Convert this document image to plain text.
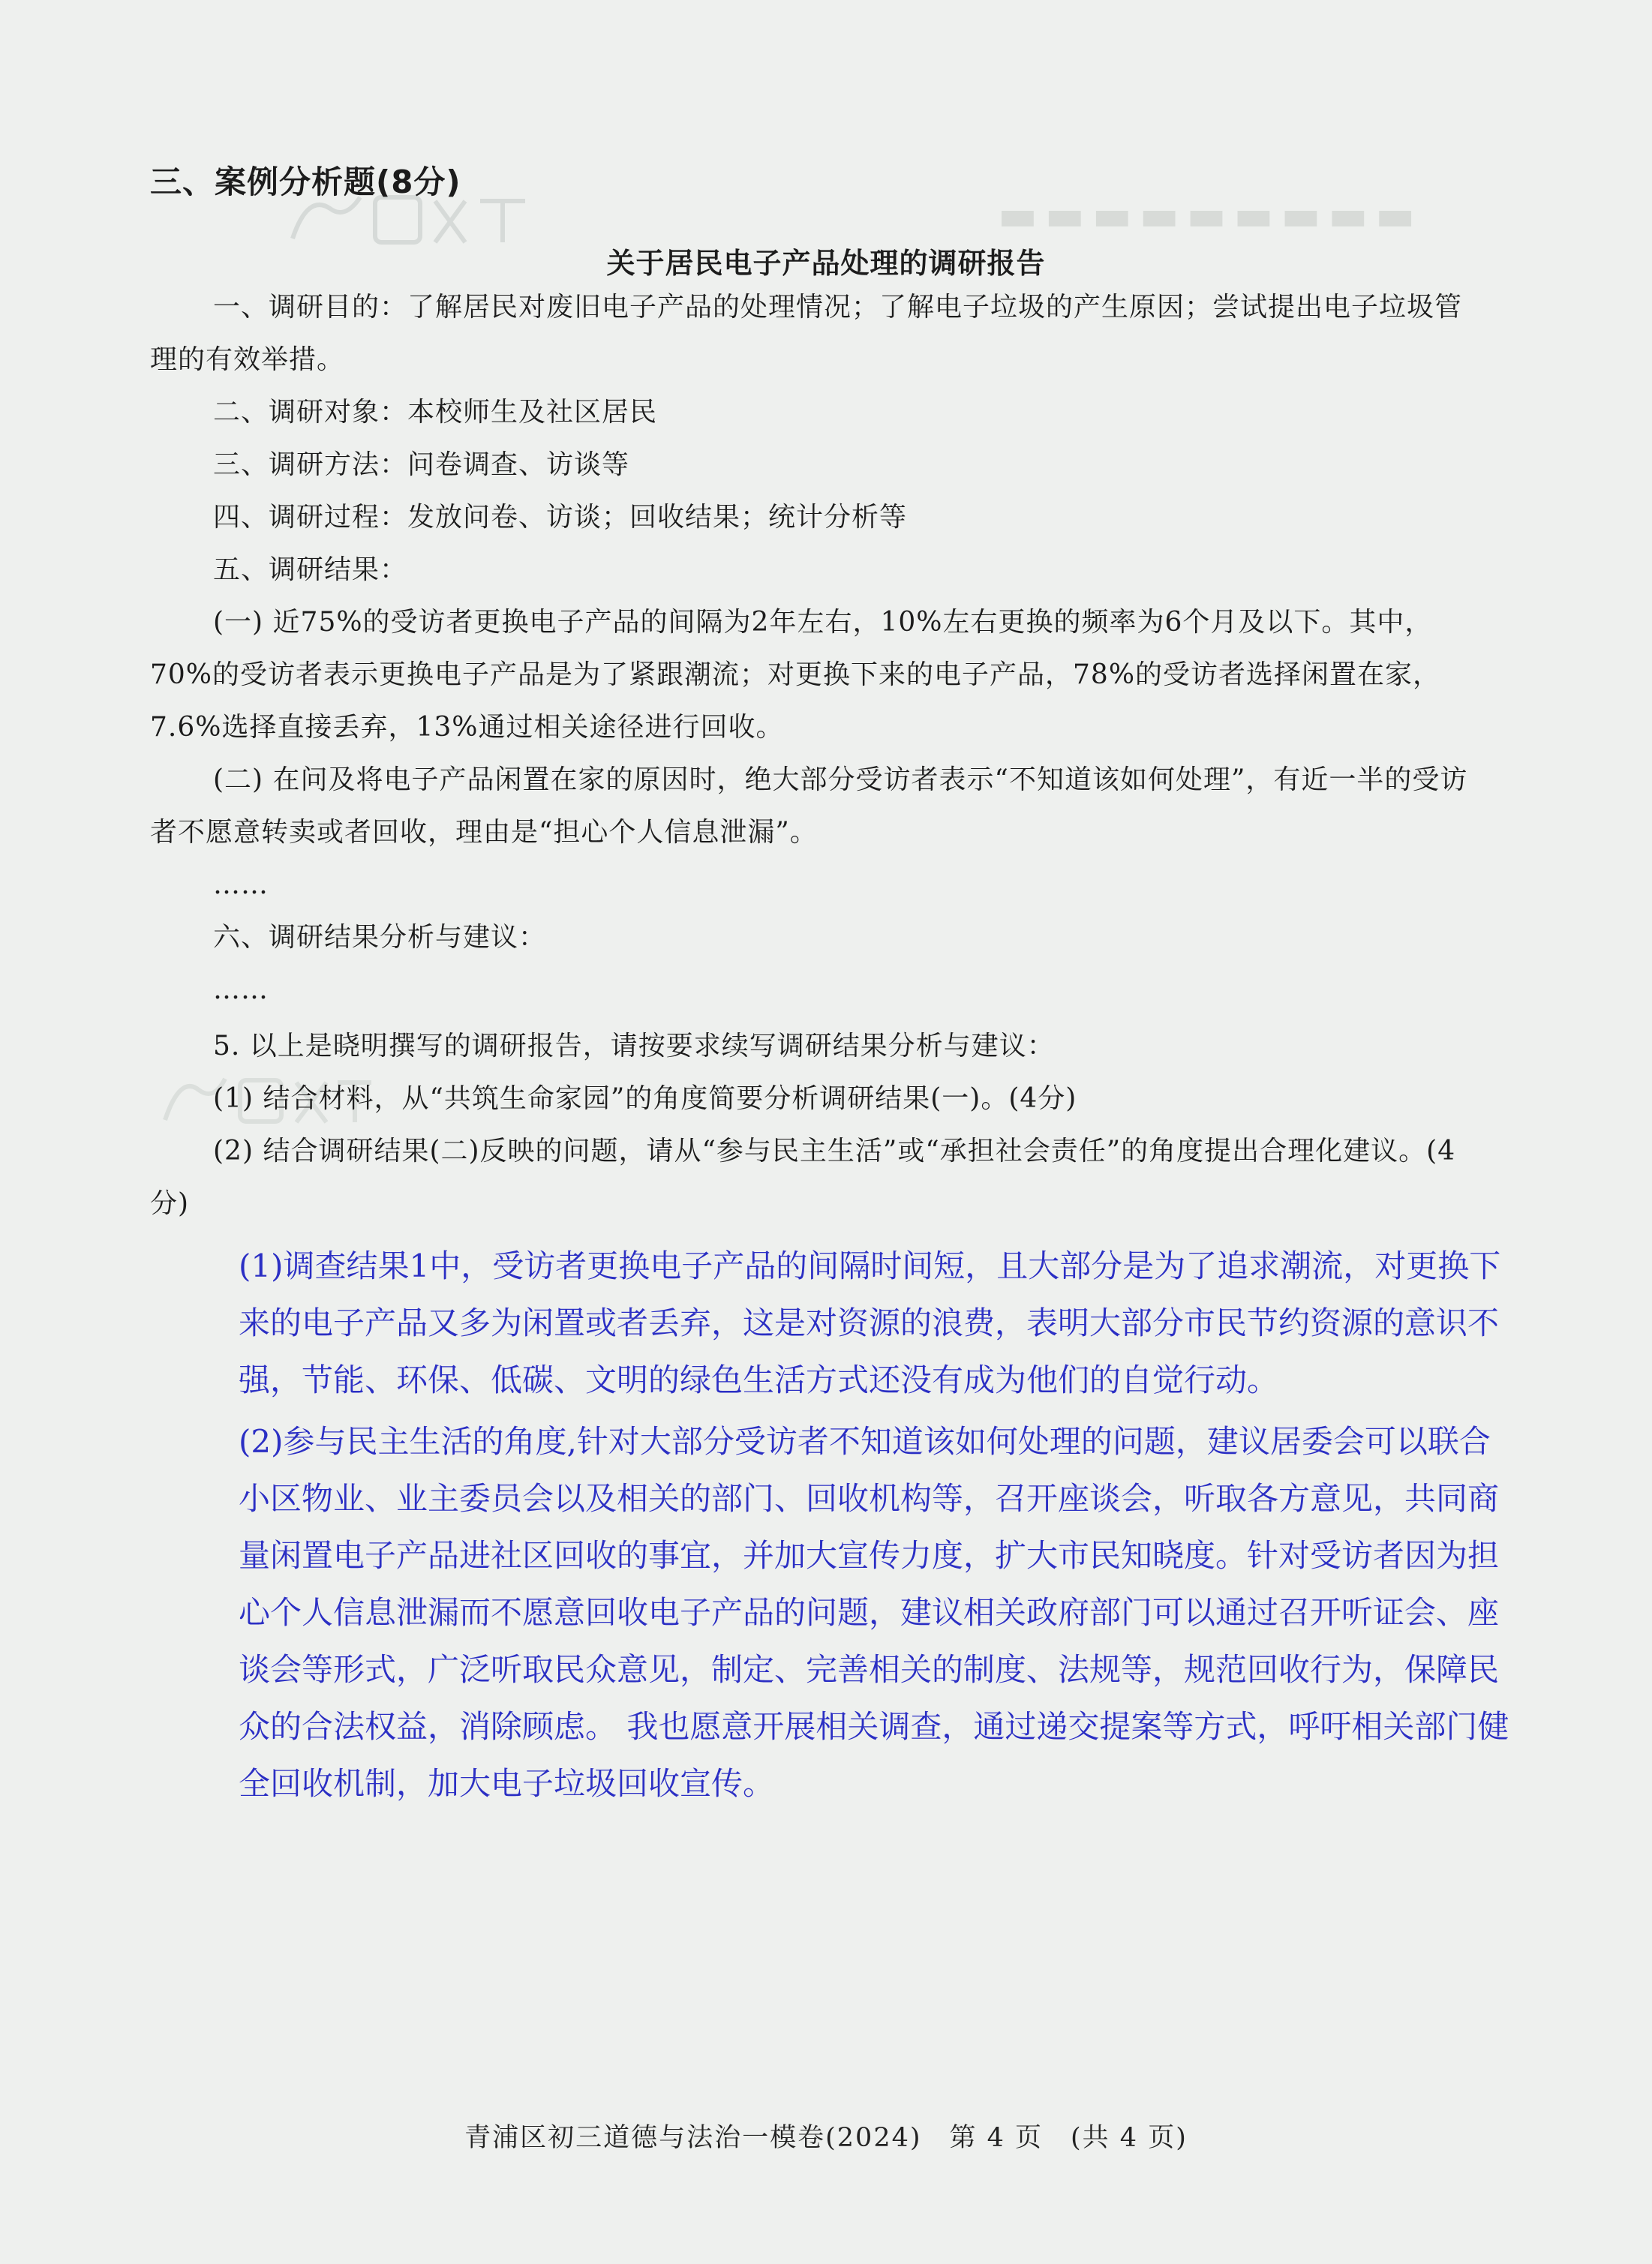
▬▬▬▬▬▬▬▬▬
三、案例分析题(8分)
关于居民电子产品处理的调研报告

一、调研目的：了解居民对废旧电子产品的处理情况；了解电子垃圾的产生原因；尝试提出电子垃圾管理的有效举措。

二、调研对象：本校师生及社区居民

三、调研方法：问卷调查、访谈等

四、调研过程：发放问卷、访谈；回收结果；统计分析等

五、调研结果：

(一) 近75%的受访者更换电子产品的间隔为2年左右，10%左右更换的频率为6个月及以下。其中，70%的受访者表示更换电子产品是为了紧跟潮流；对更换下来的电子产品，78%的受访者选择闲置在家，7.6%选择直接丢弃，13%通过相关途径进行回收。

(二) 在问及将电子产品闲置在家的原因时，绝大部分受访者表示“不知道该如何处理”，有近一半的受访者不愿意转卖或者回收，理由是“担心个人信息泄漏”。

……

六、调研结果分析与建议：

……

5. 以上是晓明撰写的调研报告，请按要求续写调研结果分析与建议：

(1) 结合材料，从“共筑生命家园”的角度简要分析调研结果(一)。(4分)

(2) 结合调研结果(二)反映的问题，请从“参与民主生活”或“承担社会责任”的角度提出合理化建议。(4分)

(1)调查结果1中，受访者更换电子产品的间隔时间短，且大部分是为了追求潮流，对更换下来的电子产品又多为闲置或者丢弃，这是对资源的浪费，表明大部分市民节约资源的意识不强，节能、环保、低碳、文明的绿色生活方式还没有成为他们的自觉行动。

(2)参与民主生活的角度,针对大部分受访者不知道该如何处理的问题，建议居委会可以联合小区物业、业主委员会以及相关的部门、回收机构等，召开座谈会，听取各方意见，共同商量闲置电子产品进社区回收的事宜，并加大宣传力度，扩大市民知晓度。针对受访者因为担心个人信息泄漏而不愿意回收电子产品的问题，建议相关政府部门可以通过召开听证会、座谈会等形式，广泛听取民众意见，制定、完善相关的制度、法规等，规范回收行为，保障民众的合法权益，消除顾虑。 我也愿意开展相关调查，通过递交提案等方式，呼吁相关部门健全回收机制，加大电子垃圾回收宣传。

青浦区初三道德与法治一模卷(2024)　第 4 页　(共 4 页)
